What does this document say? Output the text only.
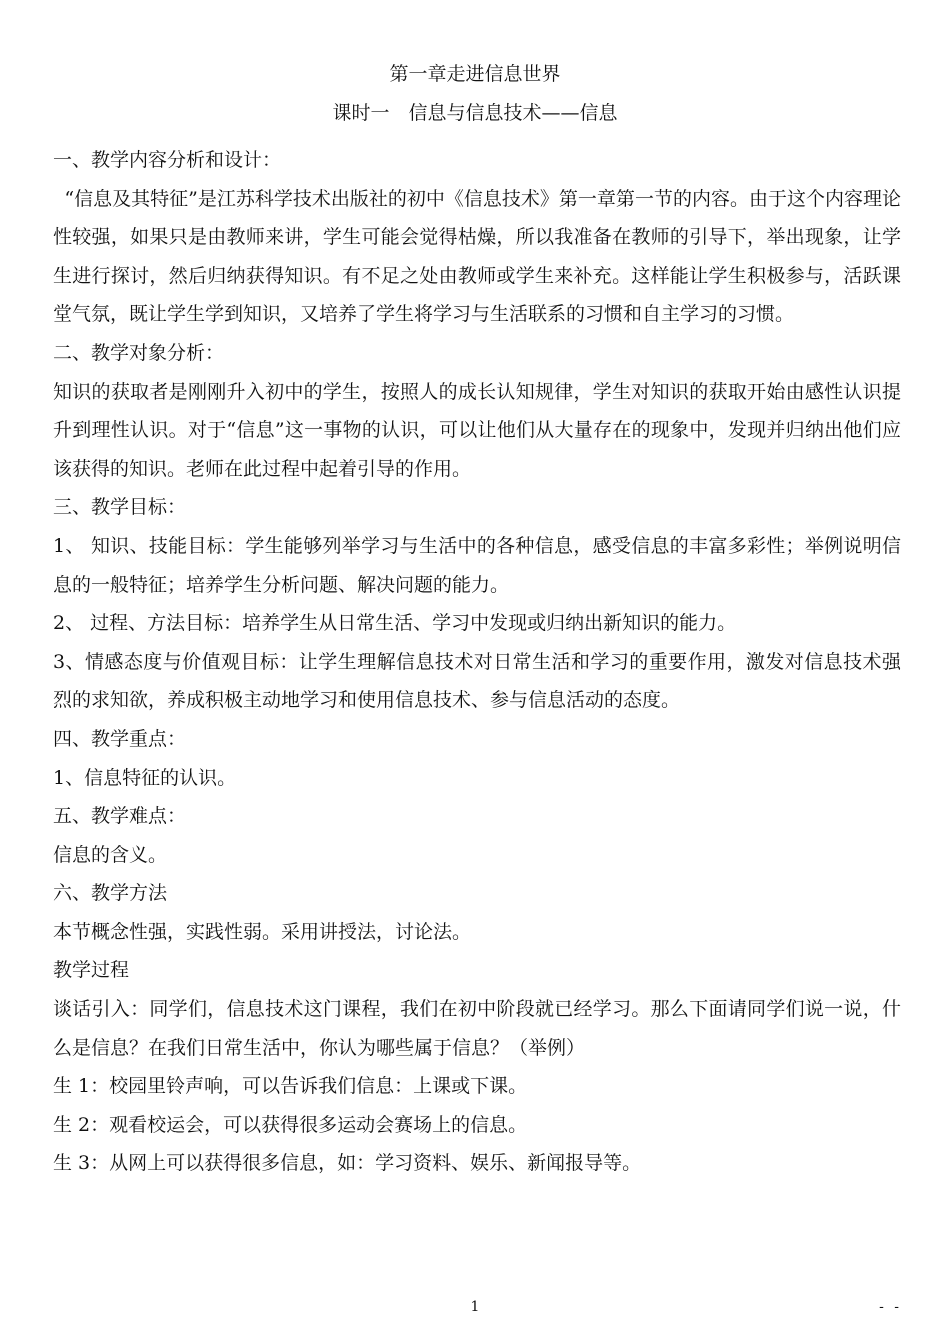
第一章走进信息世界
课时一　信息与信息技术——信息

一、教学内容分析和设计：

“信息及其特征”是江苏科学技术出版社的初中《信息技术》第一章第一节的内容。由于这个内容理论性较强，如果只是由教师来讲，学生可能会觉得枯燥，所以我准备在教师的引导下，举出现象，让学生进行探讨，然后归纳获得知识。有不足之处由教师或学生来补充。这样能让学生积极参与，活跃课堂气氛，既让学生学到知识，又培养了学生将学习与生活联系的习惯和自主学习的习惯。

二、教学对象分析：

知识的获取者是刚刚升入初中的学生，按照人的成长认知规律，学生对知识的获取开始由感性认识提升到理性认识。对于“信息”这一事物的认识，可以让他们从大量存在的现象中，发现并归纳出他们应该获得的知识。老师在此过程中起着引导的作用。

三、教学目标：

1、 知识、技能目标：学生能够列举学习与生活中的各种信息，感受信息的丰富多彩性；举例说明信息的一般特征；培养学生分析问题、解决问题的能力。

2、 过程、方法目标：培养学生从日常生活、学习中发现或归纳出新知识的能力。

3、情感态度与价值观目标：让学生理解信息技术对日常生活和学习的重要作用，激发对信息技术强烈的求知欲，养成积极主动地学习和使用信息技术、参与信息活动的态度。

四、教学重点：

1、信息特征的认识。

五、教学难点：

信息的含义。

六、教学方法

本节概念性强，实践性弱。采用讲授法，讨论法。

教学过程

谈话引入：同学们，信息技术这门课程，我们在初中阶段就已经学习。那么下面请同学们说一说，什么是信息？在我们日常生活中，你认为哪些属于信息？（举例）

生 1：校园里铃声响，可以告诉我们信息：上课或下课。

生 2：观看校运会，可以获得很多运动会赛场上的信息。

生 3：从网上可以获得很多信息，如：学习资料、娱乐、新闻报导等。

1	- -
